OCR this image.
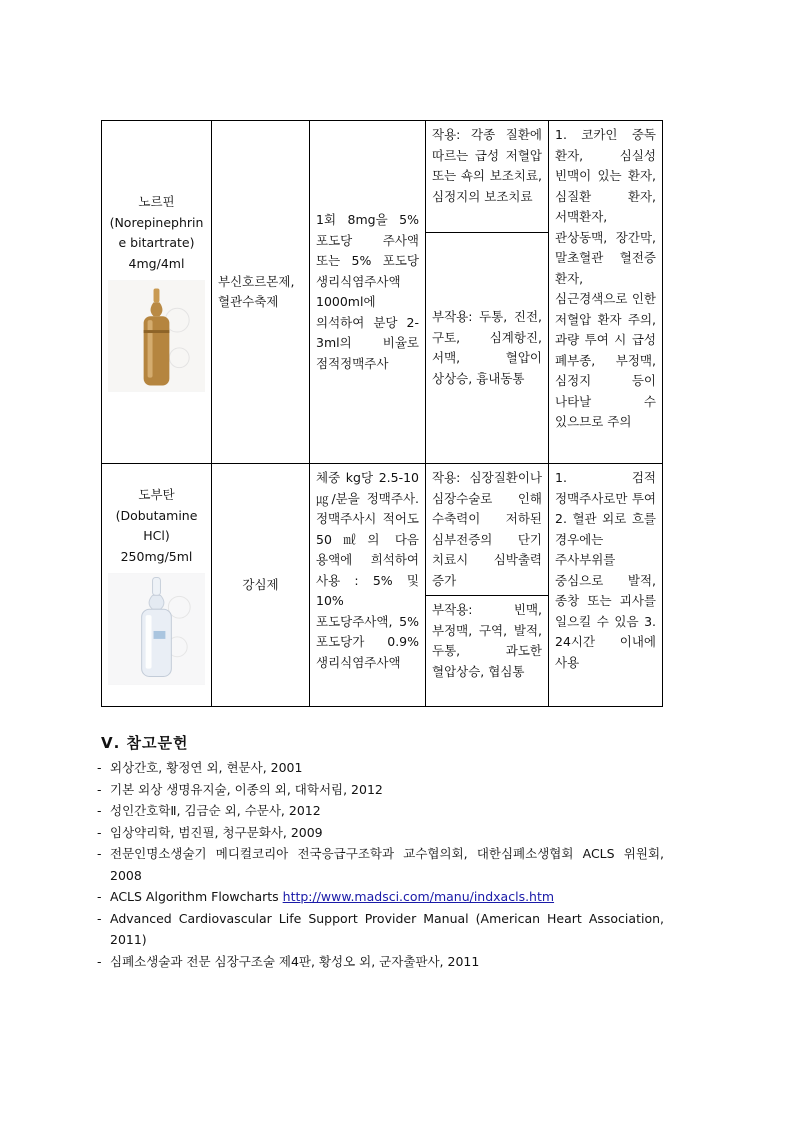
노르핀
(Norepinephrin
e bitartrate)
4mg/4ml	부신호르몬제,혈관수축제	1회 8mg을 5% 포도당 주사액 또는 5% 포도당 생리식염주사액 1000ml에 의석하여 분당 2-3ml의 비율로 점적정맥주사	작용: 각종 질환에 따르는 급성 저혈압 또는 쇽의 보조치료, 심정지의 보조치료	1. 코카인 중독 환자, 심실성 빈맥이 있는 환자, 심질환 환자, 서맥환자, 관상동맥, 장간막, 말초혈관 혈전증 환자, 심근경색으로 인한 저혈압 환자 주의, 과량 투여 시 급성 폐부종, 부정맥, 심정지 등이 나타날 수 있으므로 주의
			부작용: 두통, 진전, 구토, 심계항진, 서맥, 혈압이 상상승, 흉내동통	

도부탄
(Dobutamine
HCl)
250mg/5ml	강심제	체중 kg당 2.5-10㎍/분을 정맥주사. 정맥주사시 적어도 50㎖의 다음 용액에 희석하여 사용 : 5% 및 10% 포도당주사액, 5% 포도당가 0.9% 생리식염주사액	작용: 심장질환이나 심장수술로 인해 수축력이 저하된 심부전증의 단기 치료시 심박출력 증가	1. 검적 정맥주사로만 투여 2. 혈관 외로 흐를 경우에는 주사부위를 중심으로 발적, 종창 또는 괴사를 일으킬 수 있음 3. 24시간 이내에 사용
			부작용: 빈맥, 부정맥, 구역, 발적, 두통, 과도한 혈압상승, 협심통	
Ⅴ. 참고문헌
- 외상간호, 황정연 외, 현문사, 2001
- 기본 외상 생명유지술, 이종의 외, 대학서림, 2012
- 성인간호학Ⅱ, 김금순 외, 수문사, 2012
- 임상약리학, 범진필, 청구문화사, 2009
- 전문인명소생술기 메디컬코리아 전국응급구조학과 교수협의회, 대한심폐소생협회 ACLS 위원회, 2008
- ACLS Algorithm Flowcharts http://www.madsci.com/manu/indxacls.htm
- Advanced Cardiovascular Life Support Provider Manual (American Heart Association, 2011)
- 심폐소생술과 전문 심장구조술 제4판, 황성오 외, 군자출판사, 2011
